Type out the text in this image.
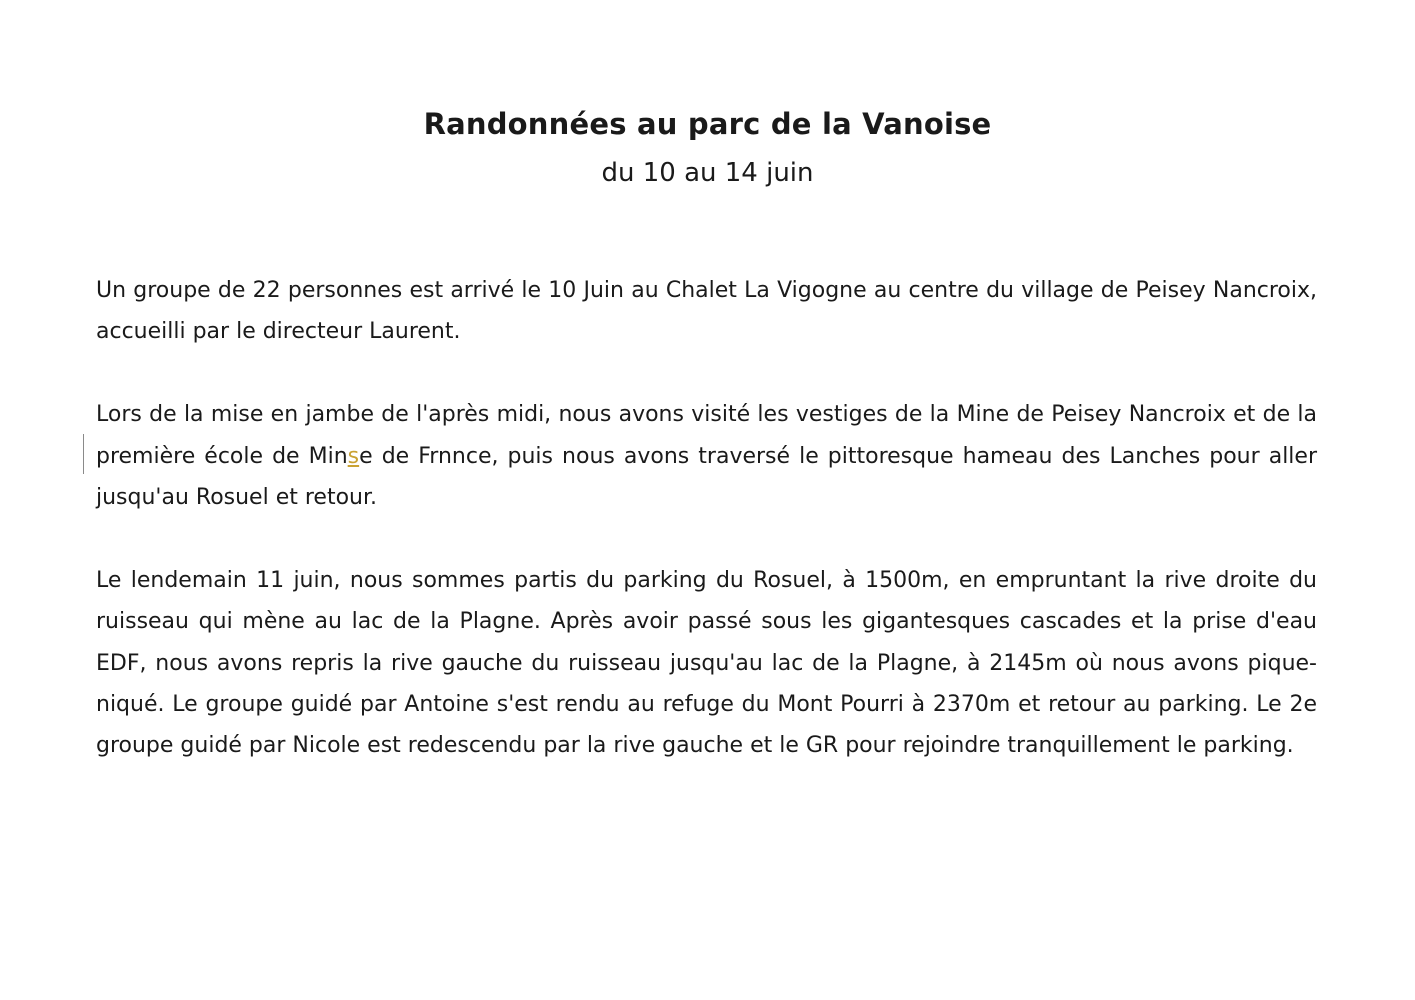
Randonnées au parc de la Vanoise
du 10 au 14 juin

Un groupe de 22 personnes est arrivé le 10 Juin au Chalet La Vigogne au centre du village de Peisey Nancroix, accueilli par le directeur Laurent.

Lors de la mise en jambe de l'après midi, nous avons visité les vestiges de la Mine de Peisey Nancroix et de la première école de Minse de Frnnce, puis nous avons traversé le pittoresque hameau des Lanches pour aller jusqu'au Rosuel et retour.

Le lendemain 11 juin, nous sommes partis du parking du Rosuel, à 1500m, en empruntant la rive droite du ruisseau qui mène au lac de la Plagne. Après avoir passé sous les gigantesques cascades et la prise d'eau EDF, nous avons repris la rive gauche du ruisseau jusqu'au lac de la Plagne, à 2145m où nous avons pique-niqué. Le groupe guidé par Antoine s'est rendu au refuge du Mont Pourri à 2370m et retour au parking. Le 2e groupe guidé par Nicole est redescendu par la rive gauche et le GR pour rejoindre tranquillement le parking.
